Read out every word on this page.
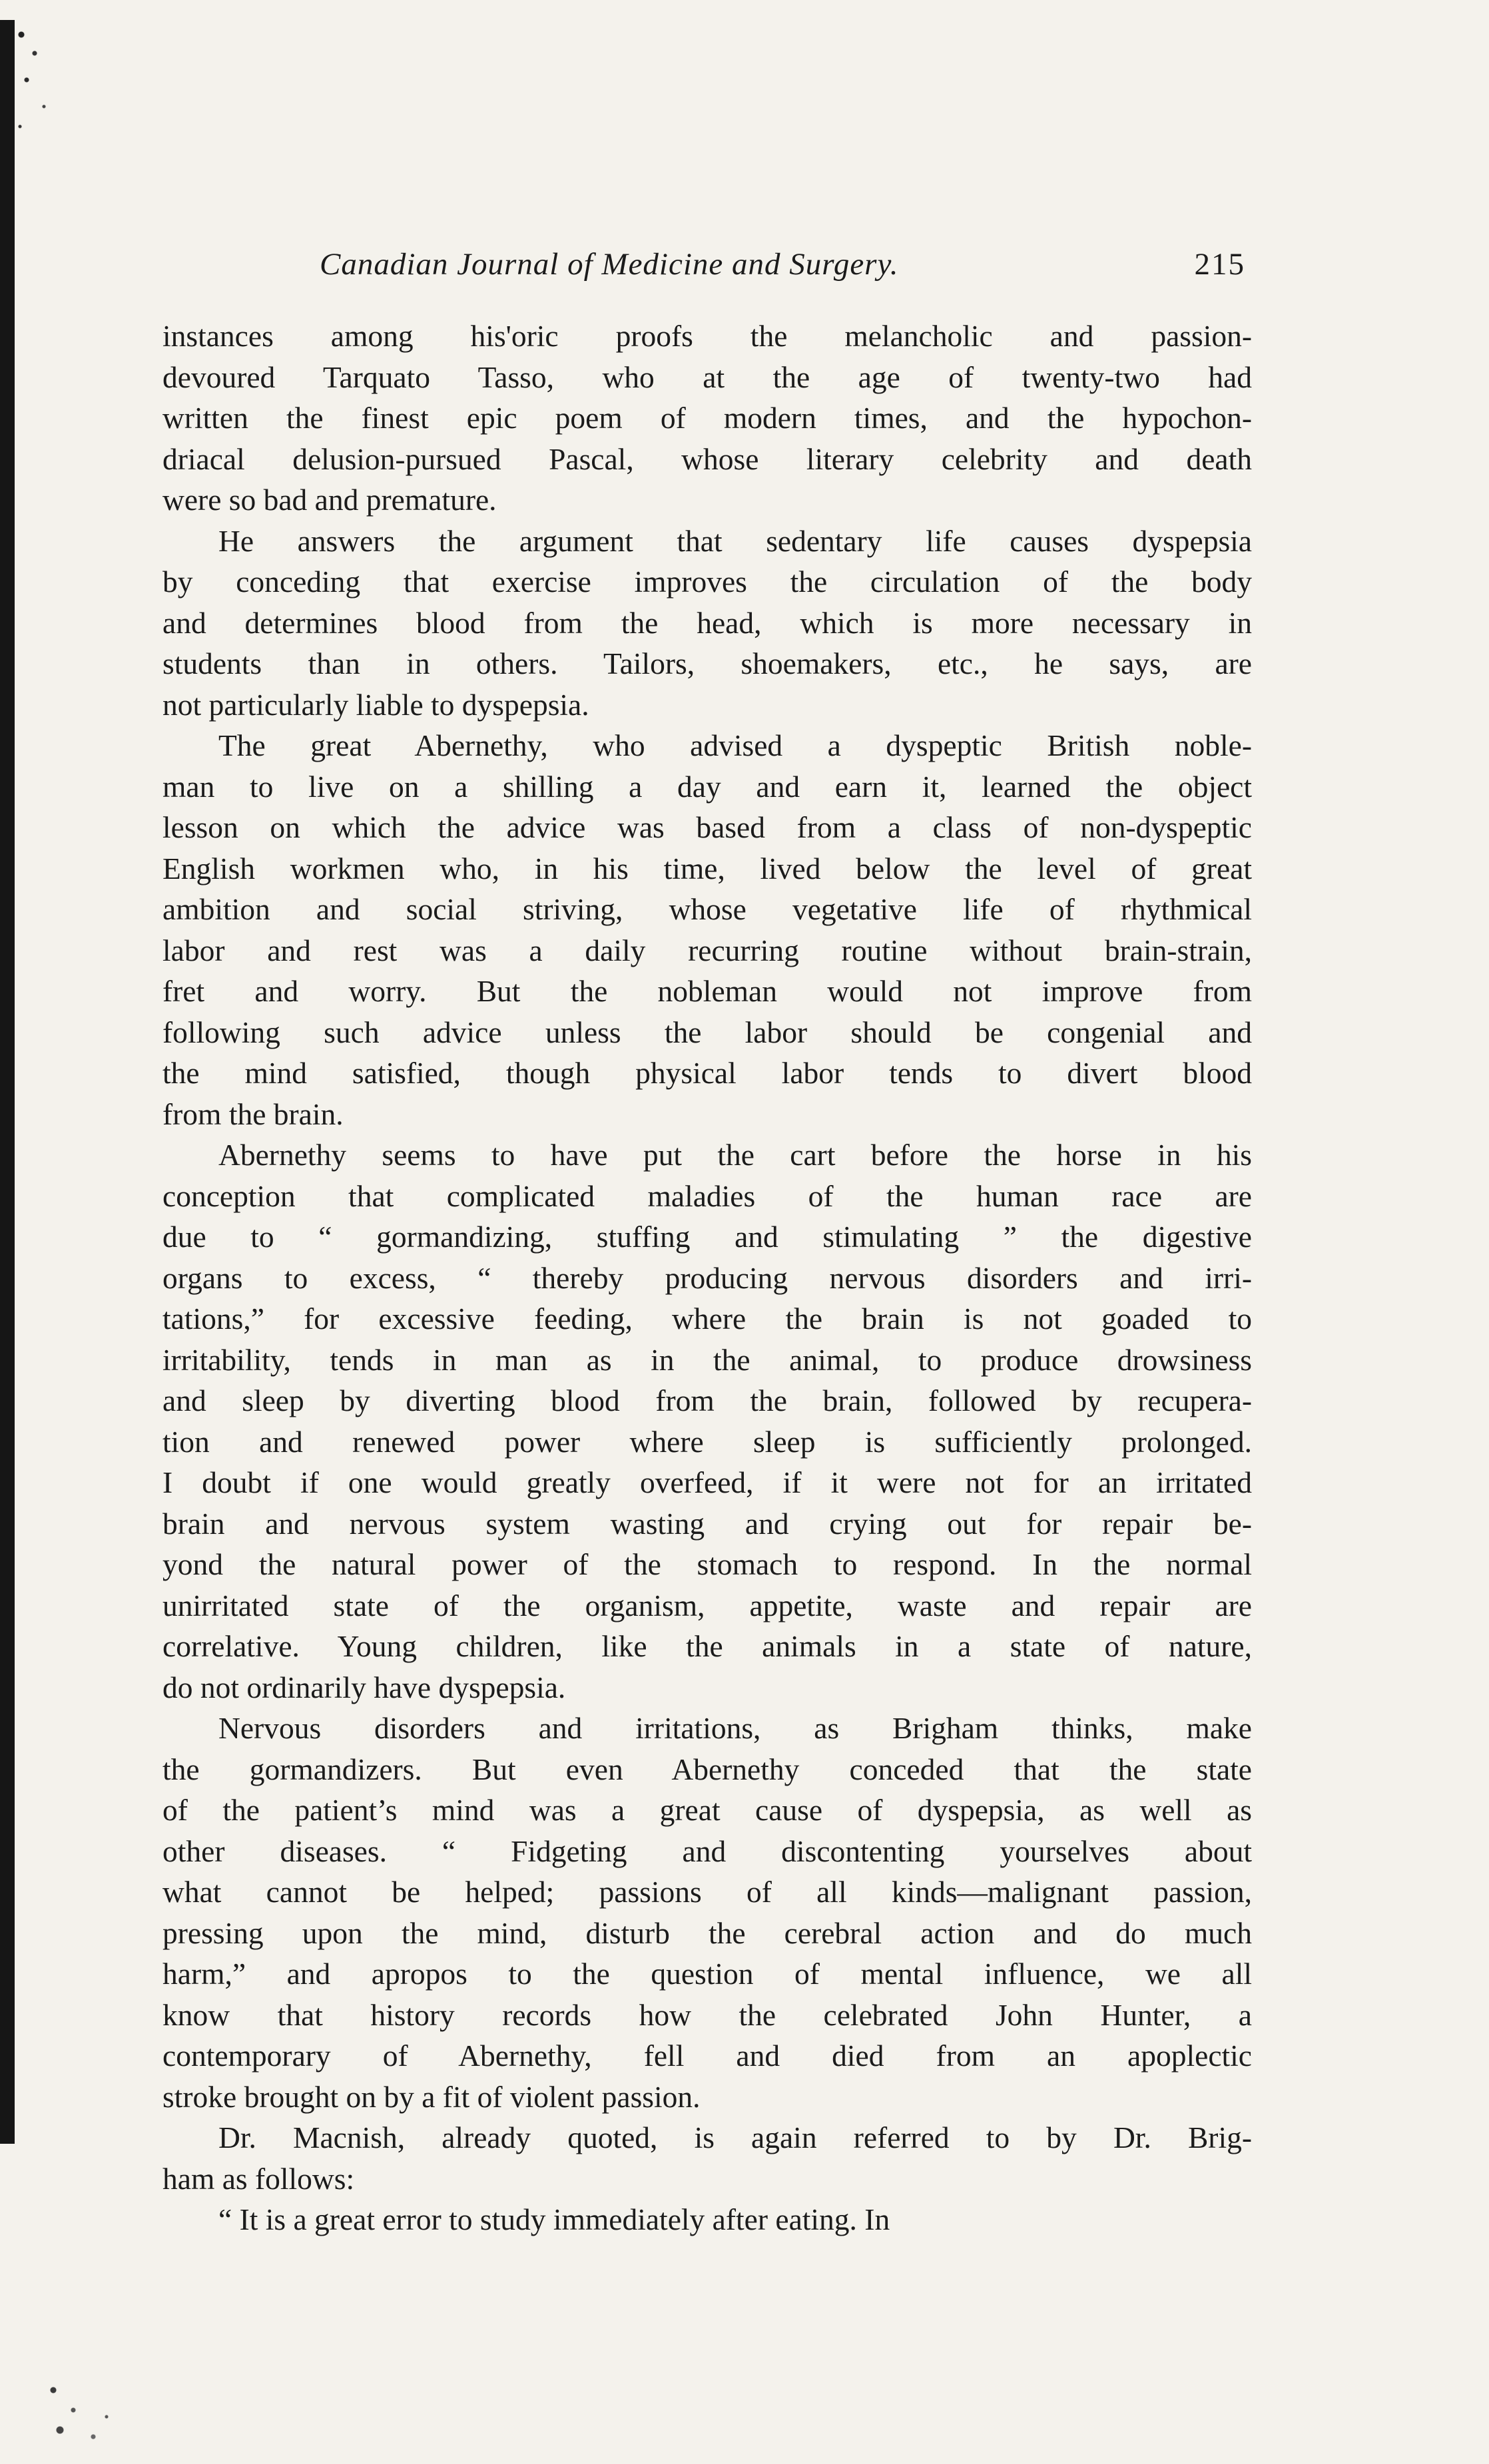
Canadian Journal of Medicine and Surgery.	215
instances among his'oric proofs the melancholic and passion-
devoured Tarquato Tasso, who at the age of twenty-two had
written the finest epic poem of modern times, and the hypochon-
driacal delusion-pursued Pascal, whose literary celebrity and death
were so bad and premature.
He answers the argument that sedentary life causes dyspepsia
by conceding that exercise improves the circulation of the body
and determines blood from the head, which is more necessary in
students than in others. Tailors, shoemakers, etc., he says, are
not particularly liable to dyspepsia.
The great Abernethy, who advised a dyspeptic British noble-
man to live on a shilling a day and earn it, learned the object
lesson on which the advice was based from a class of non-dyspeptic
English workmen who, in his time, lived below the level of great
ambition and social striving, whose vegetative life of rhythmical
labor and rest was a daily recurring routine without brain-strain,
fret and worry. But the nobleman would not improve from
following such advice unless the labor should be congenial and
the mind satisfied, though physical labor tends to divert blood
from the brain.
Abernethy seems to have put the cart before the horse in his
conception that complicated maladies of the human race are
due to “ gormandizing, stuffing and stimulating ” the digestive
organs to excess, “ thereby producing nervous disorders and irri-
tations,” for excessive feeding, where the brain is not goaded to
irritability, tends in man as in the animal, to produce drowsiness
and sleep by diverting blood from the brain, followed by recupera-
tion and renewed power where sleep is sufficiently prolonged.
I doubt if one would greatly overfeed, if it were not for an irritated
brain and nervous system wasting and crying out for repair be-
yond the natural power of the stomach to respond. In the normal
unirritated state of the organism, appetite, waste and repair are
correlative. Young children, like the animals in a state of nature,
do not ordinarily have dyspepsia.
Nervous disorders and irritations, as Brigham thinks, make
the gormandizers. But even Abernethy conceded that the state
of the patient’s mind was a great cause of dyspepsia, as well as
other diseases. “ Fidgeting and discontenting yourselves about
what cannot be helped; passions of all kinds—malignant passion,
pressing upon the mind, disturb the cerebral action and do much
harm,” and apropos to the question of mental influence, we all
know that history records how the celebrated John Hunter, a
contemporary of Abernethy, fell and died from an apoplectic
stroke brought on by a fit of violent passion.
Dr. Macnish, already quoted, is again referred to by Dr. Brig-
ham as follows:
“ It is a great error to study immediately after eating. In
